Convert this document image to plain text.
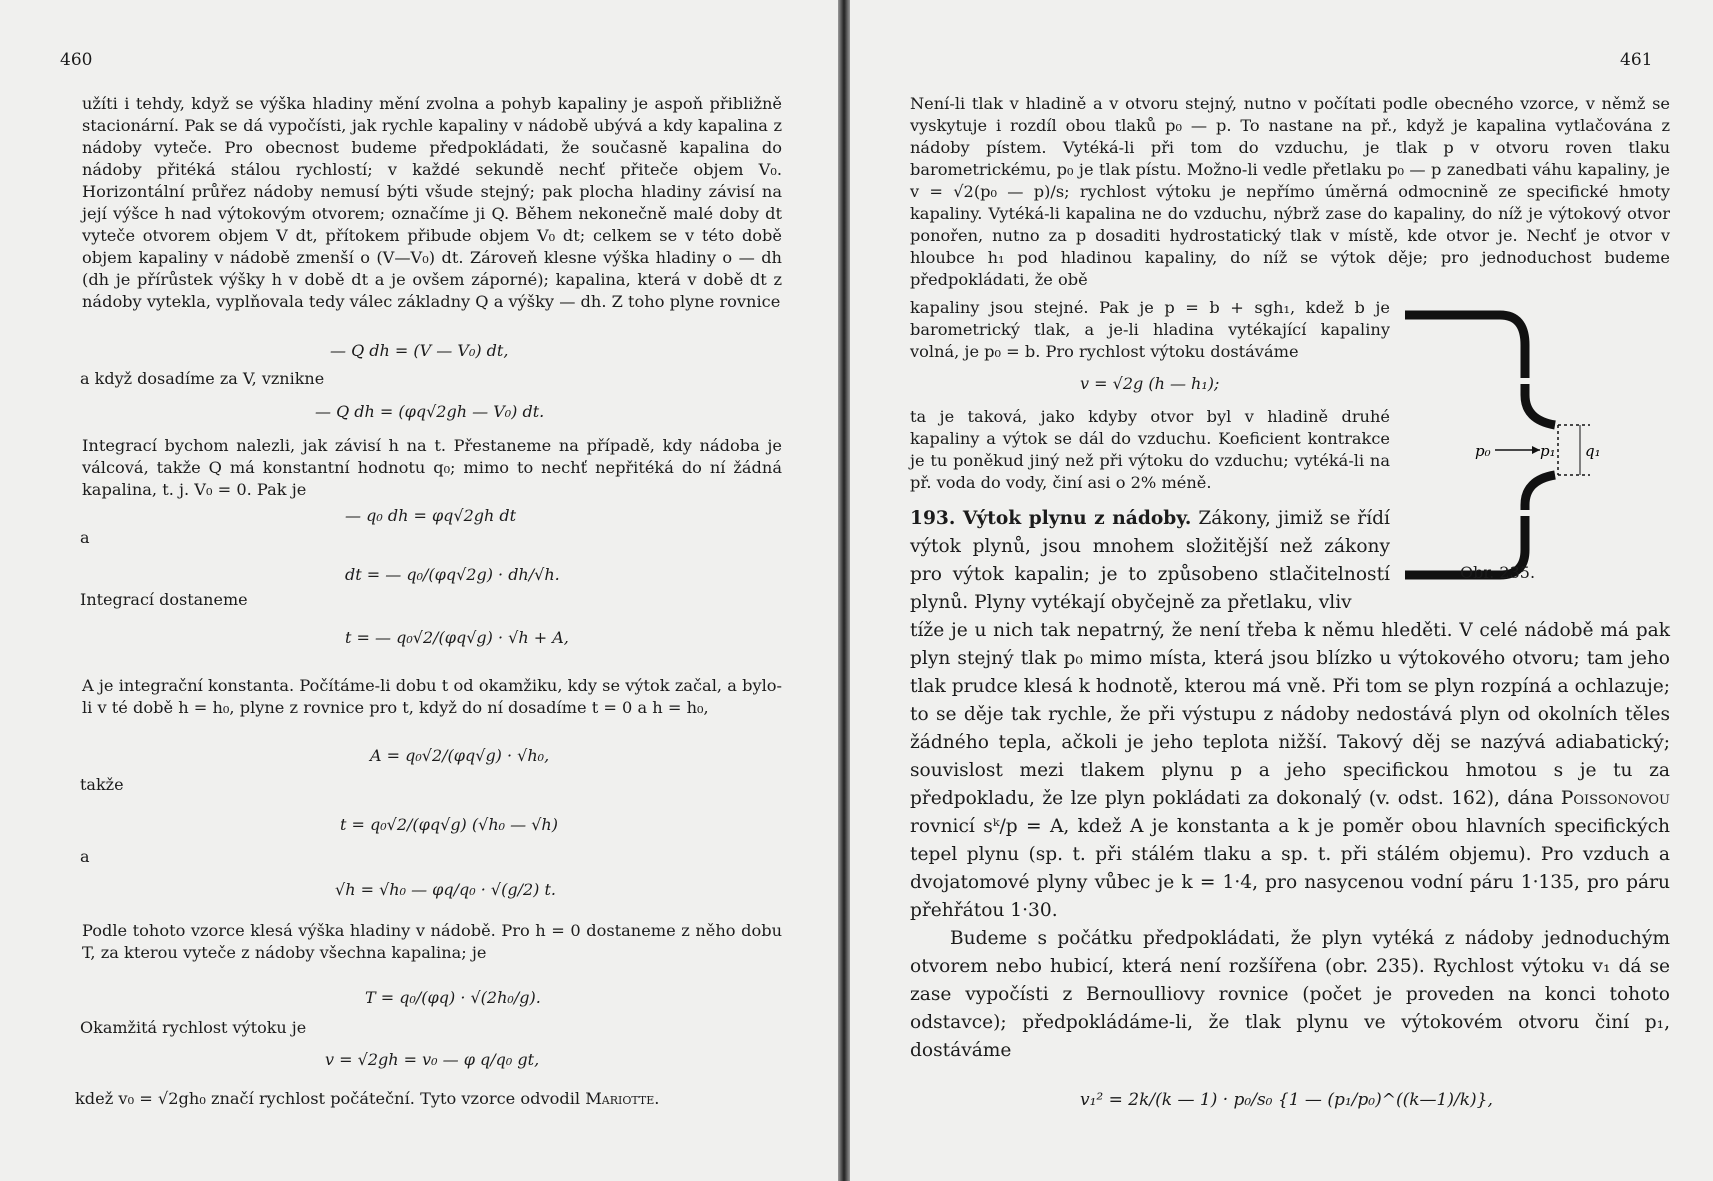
460
užíti i tehdy, když se výška hladiny mění zvolna a pohyb kapaliny je aspoň přibližně stacionární. Pak se dá vypočísti, jak rychle kapaliny v nádobě ubývá a kdy kapalina z nádoby vyteče. Pro obecnost budeme předpokládati, že současně kapalina do nádoby přitéká stálou rychlostí; v každé sekundě nechť přiteče objem V₀. Horizontální průřez nádoby nemusí býti všude stejný; pak plocha hladiny závisí na její výšce h nad výtokovým otvorem; označíme ji Q. Během nekonečně malé doby dt vyteče otvorem objem V dt, přítokem přibude objem V₀ dt; celkem se v této době objem kapaliny v nádobě zmenší o (V—V₀) dt. Zároveň klesne výška hladiny o — dh (dh je přírůstek výšky h v době dt a je ovšem záporné); kapalina, která v době dt z nádoby vytekla, vyplňovala tedy válec základny Q a výšky — dh. Z toho plyne rovnice
— Q dh = (V — V₀) dt,
a když dosadíme za V, vznikne
— Q dh = (φq√2gh — V₀) dt.
Integrací bychom nalezli, jak závisí h na t. Přestaneme na případě, kdy nádoba je válcová, takže Q má konstantní hodnotu q₀; mimo to nechť nepřitéká do ní žádná kapalina, t. j. V₀ = 0. Pak je
— q₀ dh = φq√2gh dt
a
dt = — q₀/(φq√2g) · dh/√h.
Integrací dostaneme
t = — q₀√2/(φq√g) · √h + A,
A je integrační konstanta. Počítáme-li dobu t od okamžiku, kdy se výtok začal, a bylo-li v té době h = h₀, plyne z rovnice pro t, když do ní dosadíme t = 0 a h = h₀,
A = q₀√2/(φq√g) · √h₀,
takže
t = q₀√2/(φq√g) (√h₀ — √h)
a
√h = √h₀ — φq/q₀ · √(g/2) t.
Podle tohoto vzorce klesá výška hladiny v nádobě. Pro h = 0 dostaneme z něho dobu T, za kterou vyteče z nádoby všechna kapalina; je
T = q₀/(φq) · √(2h₀/g).
Okamžitá rychlost výtoku je
v = √2gh = v₀ — φ q/q₀ gt,
kdež v₀ = √2gh₀ značí rychlost počáteční. Tyto vzorce odvodil Mariotte.
461
Není-li tlak v hladině a v otvoru stejný, nutno v počítati podle obecného vzorce, v němž se vyskytuje i rozdíl obou tlaků p₀ — p. To nastane na př., když je kapalina vytlačována z nádoby pístem. Vytéká-li při tom do vzduchu, je tlak p v otvoru roven tlaku barometrickému, p₀ je tlak pístu. Možno-li vedle přetlaku p₀ — p zanedbati váhu kapaliny, je v = √2(p₀ — p)/s; rychlost výtoku je nepřímo úměrná odmocnině ze specifické hmoty kapaliny. Vytéká-li kapalina ne do vzduchu, nýbrž zase do kapaliny, do níž je výtokový otvor ponořen, nutno za p dosaditi hydrostatický tlak v místě, kde otvor je. Nechť je otvor v hloubce h₁ pod hladinou kapaliny, do níž se výtok děje; pro jednoduchost budeme předpokládati, že obě
kapaliny jsou stejné. Pak je p = b + sgh₁, kdež b je barometrický tlak, a je-li hladina vytékající kapaliny volná, je p₀ = b. Pro rychlost výtoku dostáváme
v = √2g (h — h₁);
ta je taková, jako kdyby otvor byl v hladině druhé kapaliny a výtok se dál do vzduchu. Koeficient kontrakce je tu poněkud jiný než při výtoku do vzduchu; vytéká-li na př. voda do vody, činí asi o 2% méně.
193. Výtok plynu z nádoby. Zákony, jimiž se řídí výtok plynů, jsou mnohem složitější než zákony pro výtok kapalin; je to způsobeno stlačitelností plynů. Plyny vytékají obyčejně za přetlaku, vliv
tíže je u nich tak nepatrný, že není třeba k němu hleděti. V celé nádobě má pak plyn stejný tlak p₀ mimo místa, která jsou blízko u výtokového otvoru; tam jeho tlak prudce klesá k hodnotě, kterou má vně. Při tom se plyn rozpíná a ochlazuje; to se děje tak rychle, že při výstupu z nádoby nedostává plyn od okolních těles žádného tepla, ačkoli je jeho teplota nižší. Takový děj se nazývá adiabatický; souvislost mezi tlakem plynu p a jeho specifickou hmotou s je tu za předpokladu, že lze plyn pokládati za dokonalý (v. odst. 162), dána Poissonovou rovnicí sᵏ/p = A, kdež A je konstanta a k je poměr obou hlavních specifických tepel plynu (sp. t. při stálém tlaku a sp. t. při stálém objemu). Pro vzduch a dvojatomové plyny vůbec je k = 1·4, pro nasycenou vodní páru 1·135, pro páru přehřátou 1·30.
Budeme s počátku předpokládati, že plyn vytéká z nádoby jednoduchým otvorem nebo hubicí, která není rozšířena (obr. 235). Rychlost výtoku v₁ dá se zase vypočísti z Bernoulliovy rovnice (počet je proveden na konci tohoto odstavce); předpokládáme-li, že tlak plynu ve výtokovém otvoru činí p₁, dostáváme
v₁² = 2k/(k — 1) · p₀/s₀ {1 — (p₁/p₀)^((k—1)/k)},
p₀	p₁ q₁
Obr. 235.
